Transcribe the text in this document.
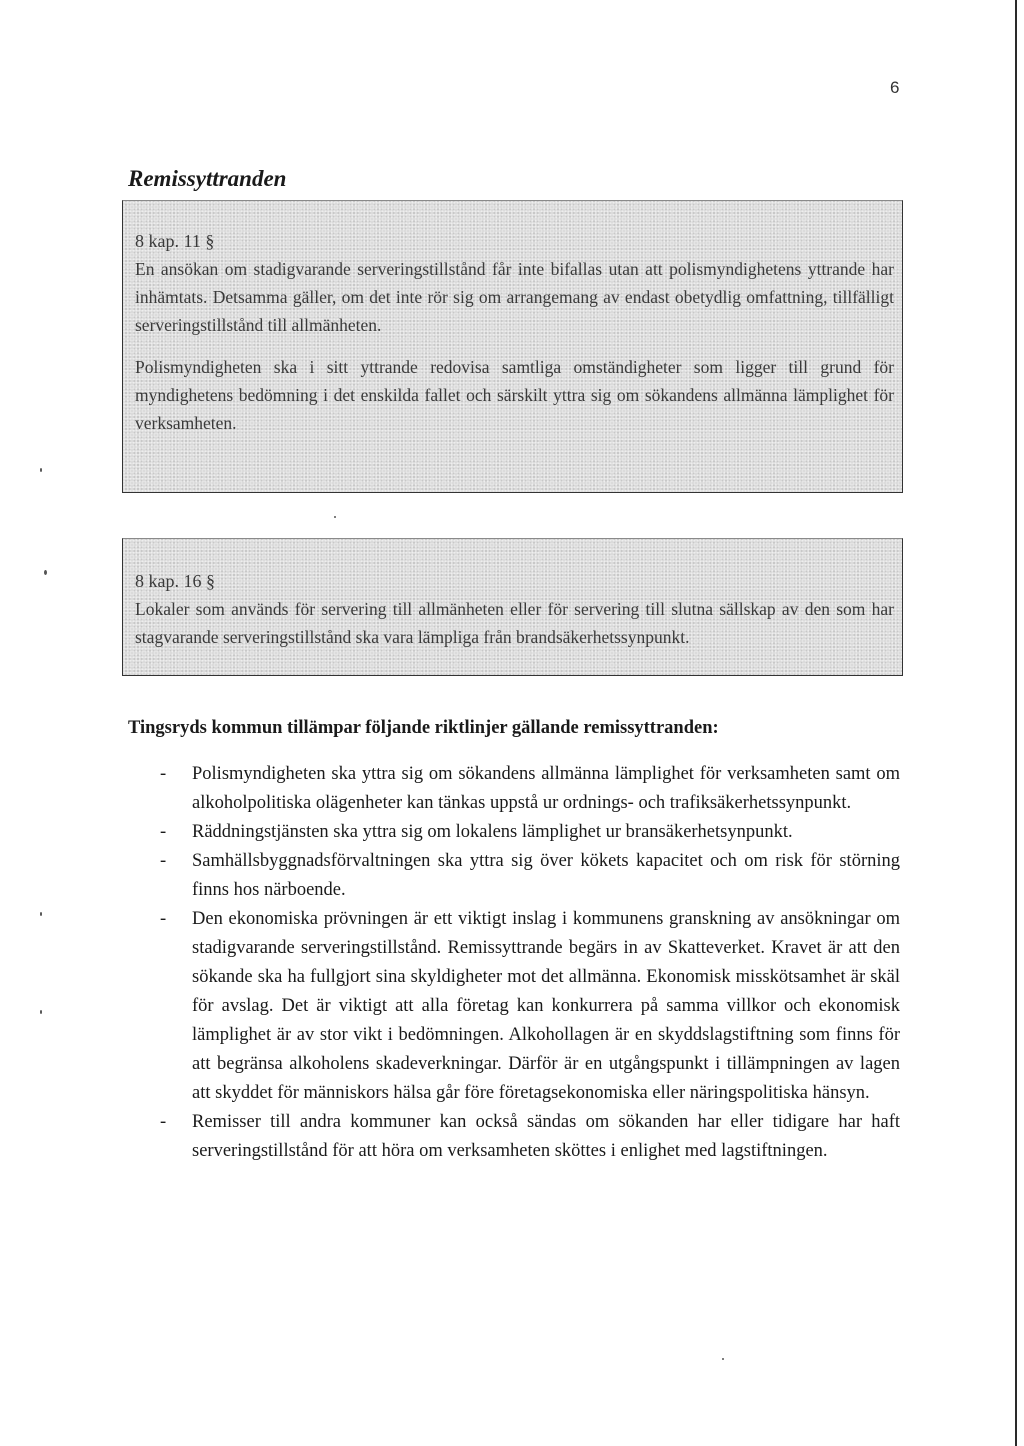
6
Remissyttranden
8 kap. 11 §

En ansökan om stadigvarande serveringstillstånd får inte bifallas utan att polismyndighetens yttrande har inhämtats. Detsamma gäller, om det inte rör sig om arrangemang av endast obetydlig omfattning, tillfälligt serveringstillstånd till allmänheten.

Polismyndigheten ska i sitt yttrande redovisa samtliga omständigheter som ligger till grund för myndighetens bedömning i det enskilda fallet och särskilt yttra sig om sökandens allmänna lämplighet för verksamheten.

8 kap. 16 §

Lokaler som används för servering till allmänheten eller för servering till slutna sällskap av den som har stagvarande serveringstillstånd ska vara lämpliga från brandsäkerhetssynpunkt.

Tingsryds kommun tillämpar följande riktlinjer gällande remissyttranden:
- Polismyndigheten ska yttra sig om sökandens allmänna lämplighet för verksamheten samt om alkoholpolitiska olägenheter kan tänkas uppstå ur ordnings- och trafiksäkerhetssynpunkt.
- Räddningstjänsten ska yttra sig om lokalens lämplighet ur bransäkerhetsynpunkt.
- Samhällsbyggnadsförvaltningen ska yttra sig över kökets kapacitet och om risk för störning finns hos närboende.
- Den ekonomiska prövningen är ett viktigt inslag i kommunens granskning av ansökningar om stadigvarande serveringstillstånd. Remissyttrande begärs in av Skatteverket. Kravet är att den sökande ska ha fullgjort sina skyldigheter mot det allmänna. Ekonomisk misskötsamhet är skäl för avslag. Det är viktigt att alla företag kan konkurrera på samma villkor och ekonomisk lämplighet är av stor vikt i bedömningen. Alkohollagen är en skyddslagstiftning som finns för att begränsa alkoholens skadeverkningar. Därför är en utgångspunkt i tillämpningen av lagen att skyddet för människors hälsa går före företagsekonomiska eller näringspolitiska hänsyn.
- Remisser till andra kommuner kan också sändas om sökanden har eller tidigare har haft serveringstillstånd för att höra om verksamheten sköttes i enlighet med lagstiftningen.
